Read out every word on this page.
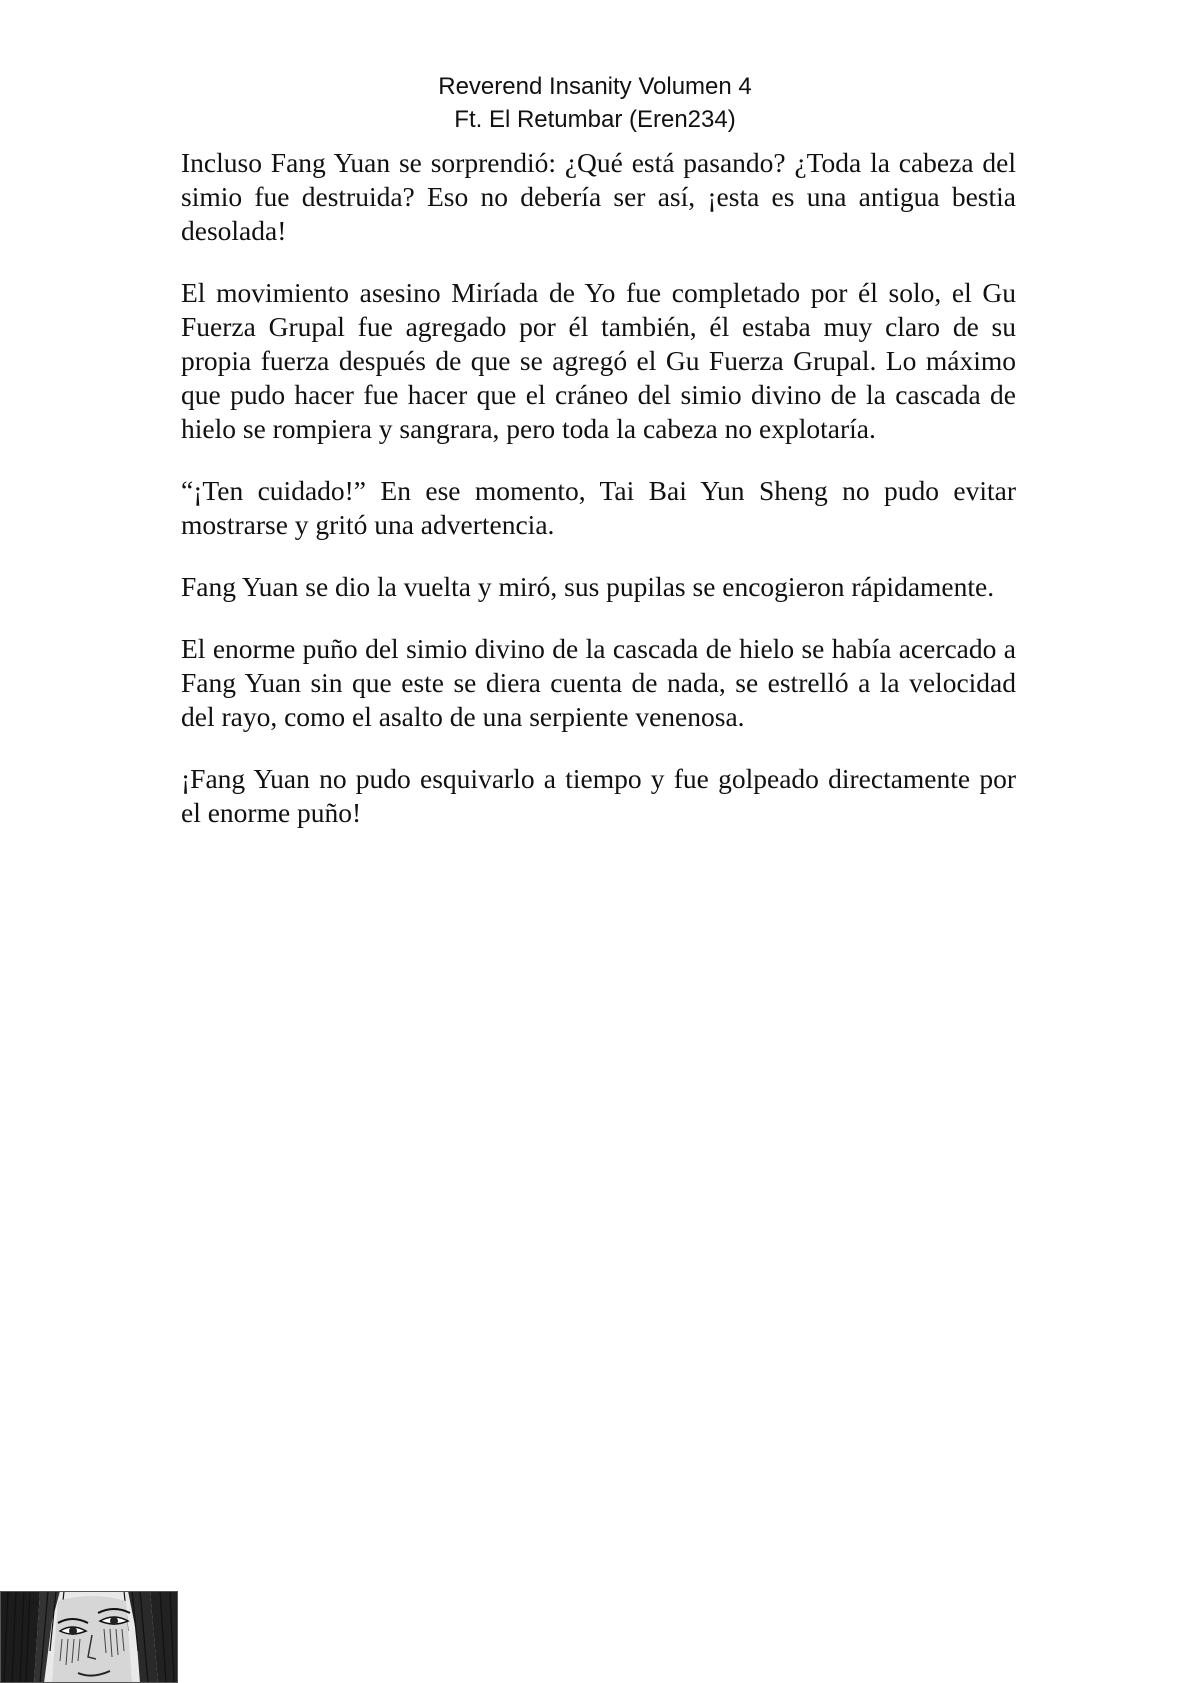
Reverend Insanity Volumen 4
Ft. El Retumbar (Eren234)

Incluso Fang Yuan se sorprendió: ¿Qué está pasando? ¿Toda la cabeza del simio fue destruida? Eso no debería ser así, ¡esta es una antigua bestia desolada!

El movimiento asesino Miríada de Yo fue completado por él solo, el Gu Fuerza Grupal fue agregado por él también, él estaba muy claro de su propia fuerza después de que se agregó el Gu Fuerza Grupal. Lo máximo que pudo hacer fue hacer que el cráneo del simio divino de la cascada de hielo se rompiera y sangrara, pero toda la cabeza no explotaría.

“¡Ten cuidado!” En ese momento, Tai Bai Yun Sheng no pudo evitar mostrarse y gritó una advertencia.

Fang Yuan se dio la vuelta y miró, sus pupilas se encogieron rápidamente.

El enorme puño del simio divino de la cascada de hielo se había acercado a Fang Yuan sin que este se diera cuenta de nada, se estrelló a la velocidad del rayo, como el asalto de una serpiente venenosa.

¡Fang Yuan no pudo esquivarlo a tiempo y fue golpeado directamente por el enorme puño!
